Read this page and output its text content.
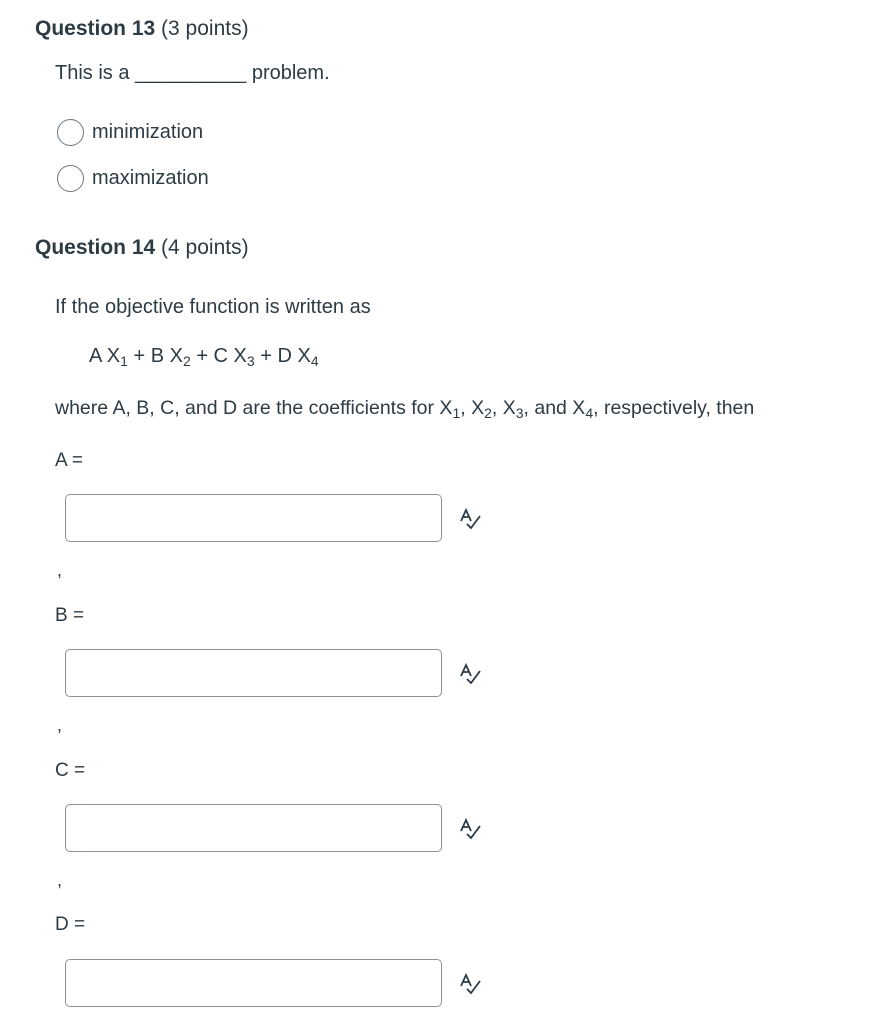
Question 13 (3 points)
This is a __________ problem.
minimization
maximization
Question 14 (4 points)
If the objective function is written as
A $X_1 + B$ $X_2 + C$ $X_3 + D$ $X_4$
where A, B, C, and D are the coefficients for $X_1$, $X_2$, $X_3$, and $X_4$, respectively, then
A =
,
B =
,
C =
,
D =
